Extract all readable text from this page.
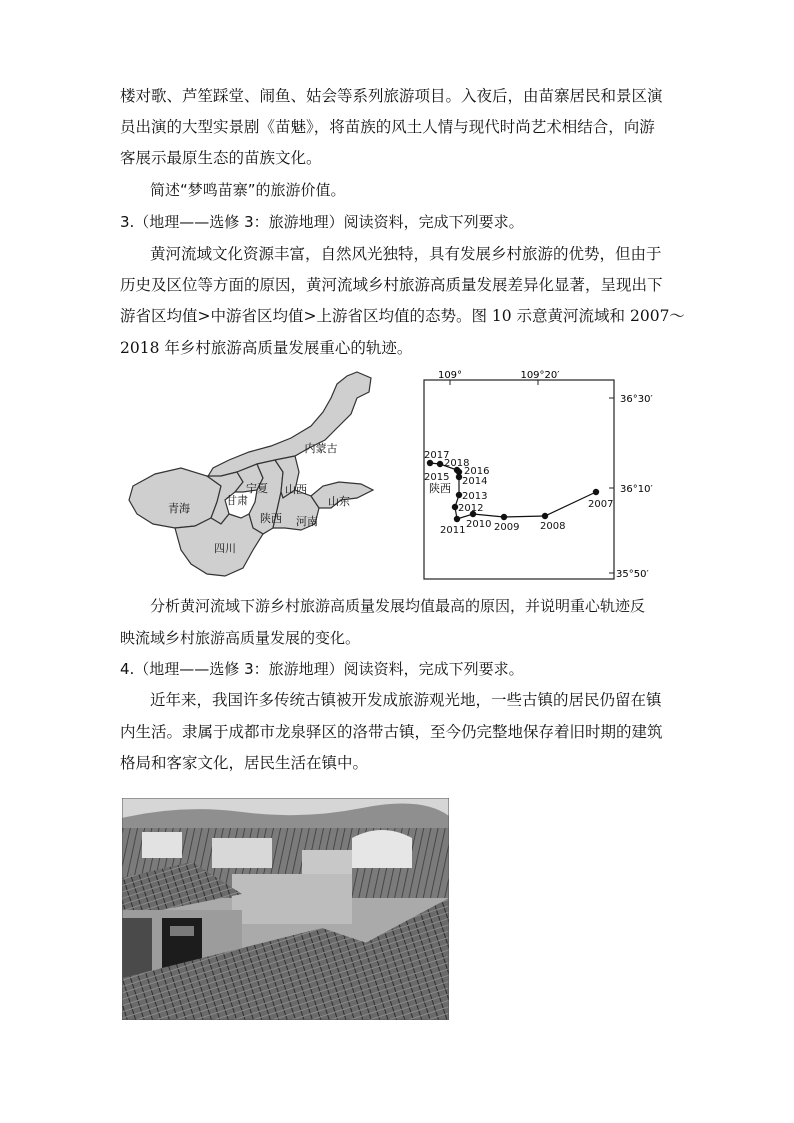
楼对歌、芦笙踩堂、闹鱼、姑会等系列旅游项目。入夜后，由苗寨居民和景区演
员出演的大型实景剧《苗魅》，将苗族的风土人情与现代时尚艺术相结合，向游
客展示最原生态的苗族文化。
简述“梦鸣苗寨”的旅游价值。
3.（地理——选修 3：旅游地理）阅读资料，完成下列要求。
黄河流域文化资源丰富，自然风光独特，具有发展乡村旅游的优势，但由于
历史及区位等方面的原因，黄河流域乡村旅游高质量发展差异化显著，呈现出下
游省区均值>中游省区均值>上游省区均值的态势。图 10 示意黄河流域和 2007～
2018 年乡村旅游高质量发展重心的轨迹。
内蒙古
宁夏
甘肃
山西
山东
青海
陕西 河南
四川
109°	109°20′
36°30′
36°10′
35°50′
2007
2008
2009
2010
2011
2012
2013
2014
2016
2015
2018
2017
陕西
分析黄河流域下游乡村旅游高质量发展均值最高的原因，并说明重心轨迹反
映流域乡村旅游高质量发展的变化。
4.（地理——选修 3：旅游地理）阅读资料，完成下列要求。
近年来，我国许多传统古镇被开发成旅游观光地，一些古镇的居民仍留在镇
内生活。隶属于成都市龙泉驿区的洛带古镇，至今仍完整地保存着旧时期的建筑
格局和客家文化，居民生活在镇中。
